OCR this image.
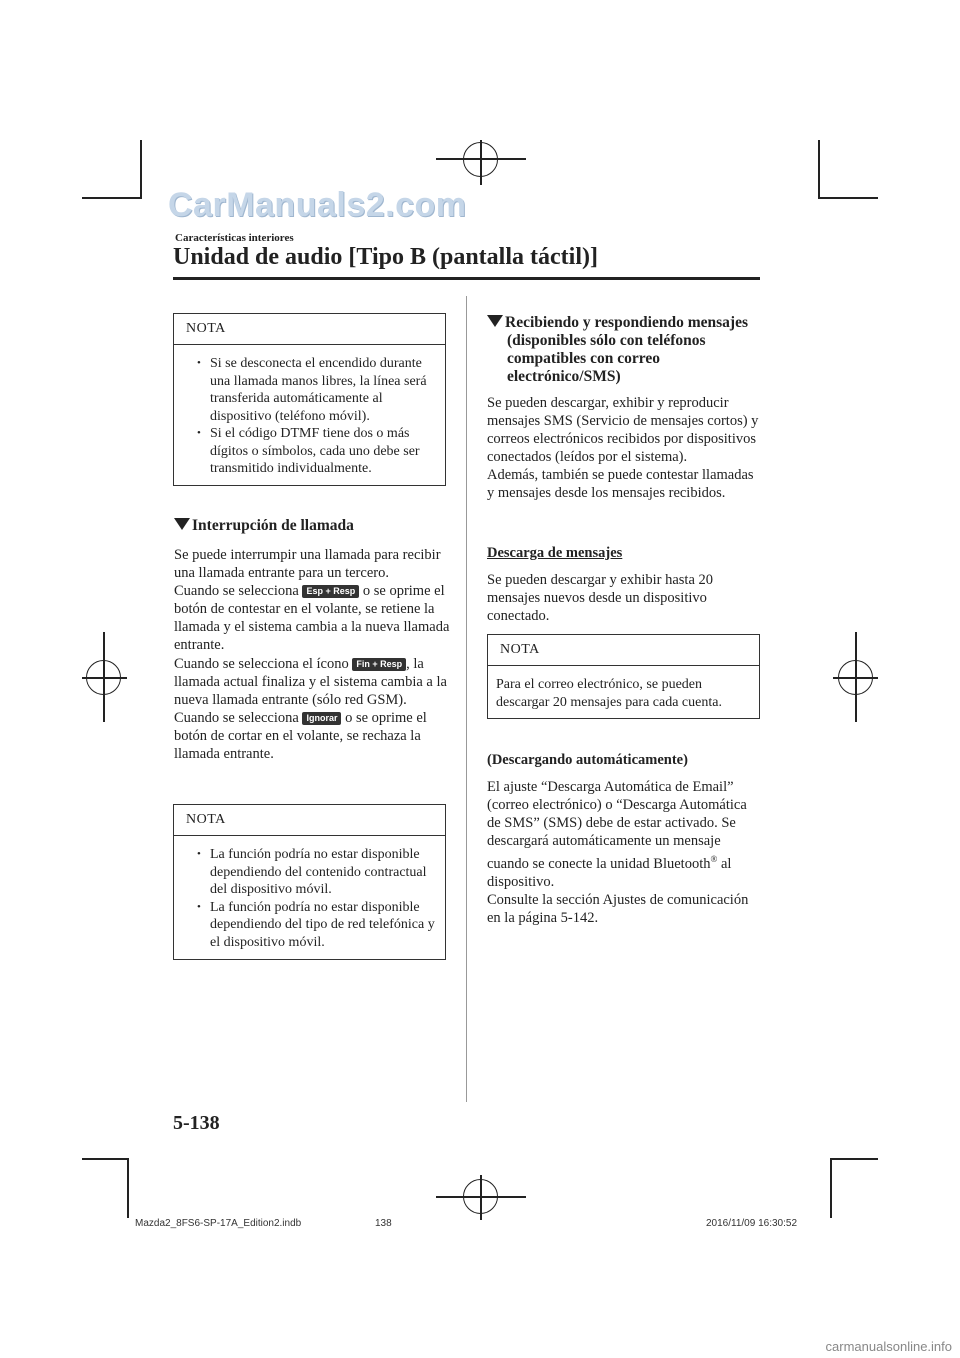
CarManuals2.com
Características interiores
Unidad de audio [Tipo B (pantalla táctil)]
NOTA
• Si se desconecta el encendido durante una llamada manos libres, la línea será transferida automáticamente al dispositivo (teléfono móvil).
• Si el código DTMF tiene dos o más dígitos o símbolos, cada uno debe ser transmitido individualmente.
Interrupción de llamada
Se puede interrumpir una llamada para recibir una llamada entrante para un tercero.
Cuando se selecciona Esp + Resp o se oprime el botón de contestar en el volante, se retiene la llamada y el sistema cambia a la nueva llamada entrante.
Cuando se selecciona el ícono Fin + Resp , la llamada actual finaliza y el sistema cambia a la nueva llamada entrante (sólo red GSM).
Cuando se selecciona Ignorar o se oprime el botón de cortar en el volante, se rechaza la llamada entrante.
NOTA
• La función podría no estar disponible dependiendo del contenido contractual del dispositivo móvil.
• La función podría no estar disponible dependiendo del tipo de red telefónica y el dispositivo móvil.
Recibiendo y respondiendo mensajes (disponibles sólo con teléfonos compatibles con correo electrónico/SMS)
Se pueden descargar, exhibir y reproducir mensajes SMS (Servicio de mensajes cortos) y correos electrónicos recibidos por dispositivos conectados (leídos por el sistema).
Además, también se puede contestar llamadas y mensajes desde los mensajes recibidos.
Descarga de mensajes
Se pueden descargar y exhibir hasta 20 mensajes nuevos desde un dispositivo conectado.
NOTA
Para el correo electrónico, se pueden descargar 20 mensajes para cada cuenta.
(Descargando automáticamente)
El ajuste “Descarga Automática de Email” (correo electrónico) o “Descarga Automática de SMS” (SMS) debe de estar activado. Se descargará automáticamente un mensaje cuando se conecte la unidad Bluetooth® al dispositivo.
Consulte la sección Ajustes de comunicación en la página 5-142.
5-138
Mazda2_8FS6-SP-17A_Edition2.indb	138	2016/11/09 16:30:52
carmanualsonline.info
